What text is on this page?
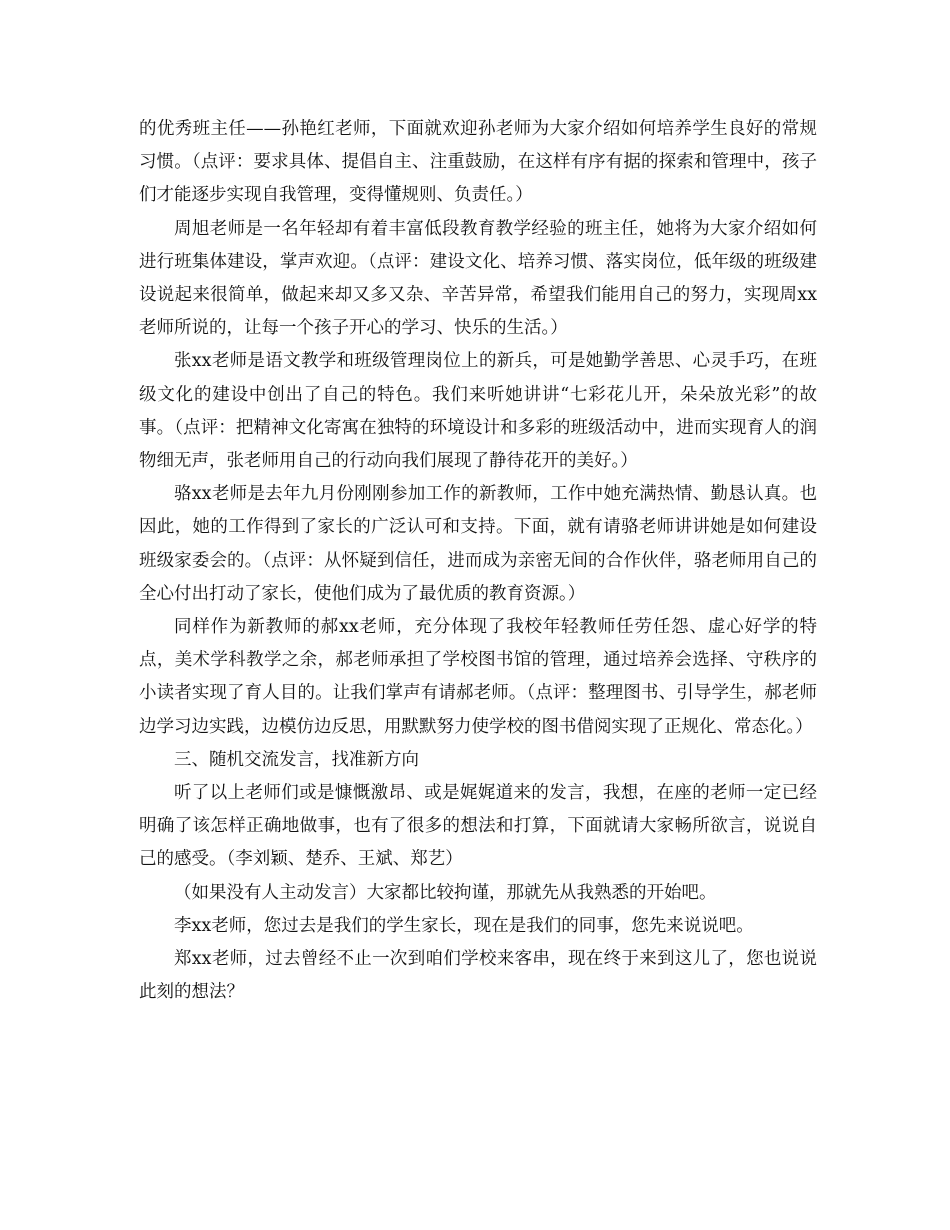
的优秀班主任——孙艳红老师，下面就欢迎孙老师为大家介绍如何培养学生良好的常规习惯。（点评：要求具体、提倡自主、注重鼓励，在这样有序有据的探索和管理中，孩子们才能逐步实现自我管理，变得懂规则、负责任。）

周旭老师是一名年轻却有着丰富低段教育教学经验的班主任，她将为大家介绍如何进行班集体建设，掌声欢迎。（点评：建设文化、培养习惯、落实岗位，低年级的班级建设说起来很简单，做起来却又多又杂、辛苦异常，希望我们能用自己的努力，实现周xx老师所说的，让每一个孩子开心的学习、快乐的生活。）

张xx老师是语文教学和班级管理岗位上的新兵，可是她勤学善思、心灵手巧，在班级文化的建设中创出了自己的特色。我们来听她讲讲“七彩花儿开，朵朵放光彩”的故事。（点评：把精神文化寄寓在独特的环境设计和多彩的班级活动中，进而实现育人的润物细无声，张老师用自己的行动向我们展现了静待花开的美好。）

骆xx老师是去年九月份刚刚参加工作的新教师，工作中她充满热情、勤恳认真。也因此，她的工作得到了家长的广泛认可和支持。下面，就有请骆老师讲讲她是如何建设班级家委会的。（点评：从怀疑到信任，进而成为亲密无间的合作伙伴，骆老师用自己的全心付出打动了家长，使他们成为了最优质的教育资源。）

同样作为新教师的郝xx老师，充分体现了我校年轻教师任劳任怨、虚心好学的特点，美术学科教学之余，郝老师承担了学校图书馆的管理，通过培养会选择、守秩序的小读者实现了育人目的。让我们掌声有请郝老师。（点评：整理图书、引导学生，郝老师边学习边实践，边模仿边反思，用默默努力使学校的图书借阅实现了正规化、常态化。）

三、随机交流发言，找准新方向

听了以上老师们或是慷慨激昂、或是娓娓道来的发言，我想，在座的老师一定已经明确了该怎样正确地做事，也有了很多的想法和打算，下面就请大家畅所欲言，说说自己的感受。（李刘颖、楚乔、王斌、郑艺）

（如果没有人主动发言）大家都比较拘谨，那就先从我熟悉的开始吧。

李xx老师，您过去是我们的学生家长，现在是我们的同事，您先来说说吧。

郑xx老师，过去曾经不止一次到咱们学校来客串，现在终于来到这儿了，您也说说此刻的想法？
